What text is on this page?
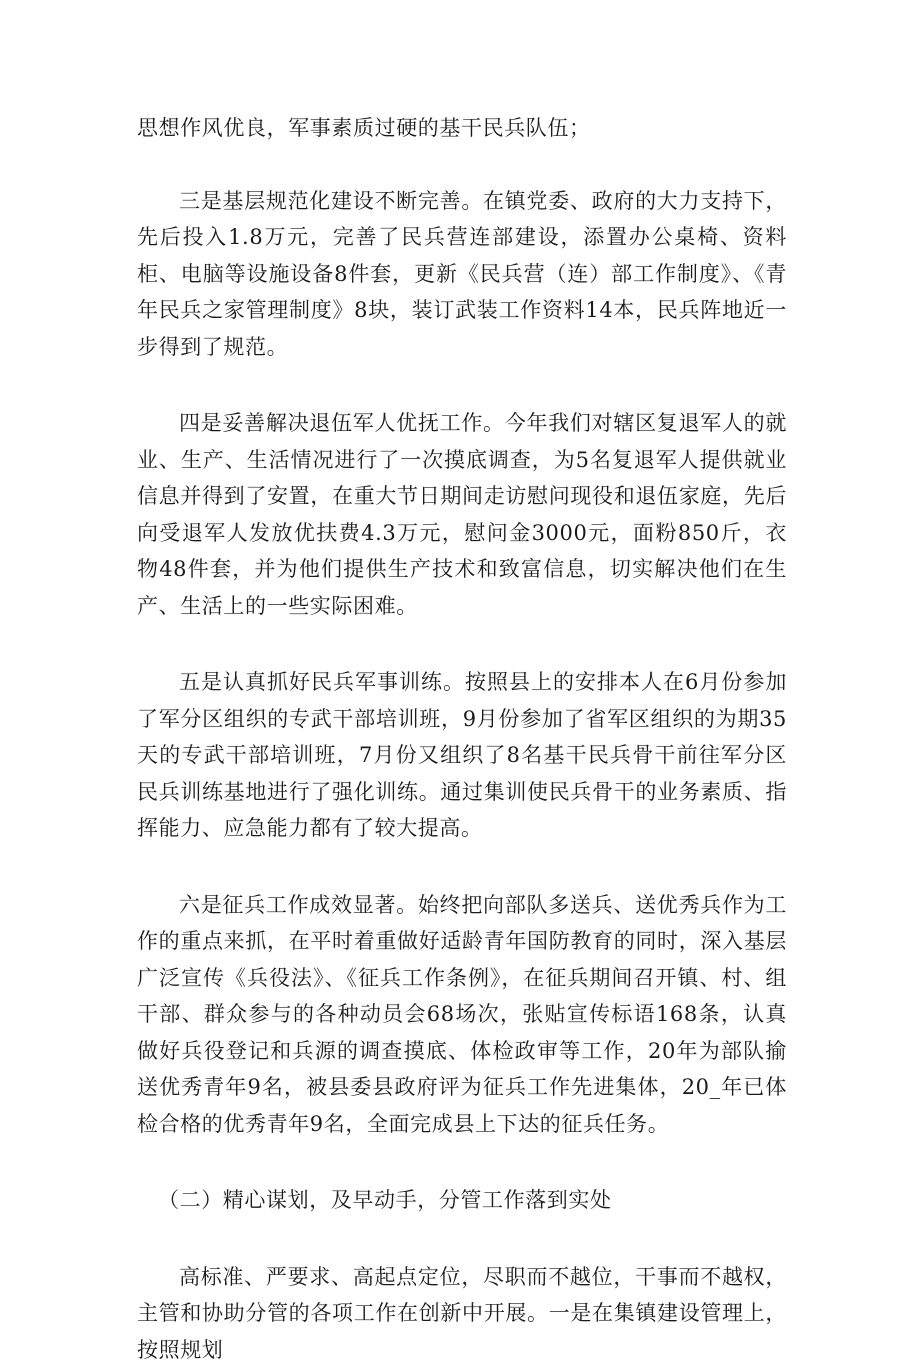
思想作风优良，军事素质过硬的基干民兵队伍；

三是基层规范化建设不断完善。在镇党委、政府的大力支持下，先后投入1.8万元，完善了民兵营连部建设，添置办公桌椅、资料柜、电脑等设施设备8件套，更新《民兵营（连）部工作制度》、《青年民兵之家管理制度》8块，装订武装工作资料14本，民兵阵地近一步得到了规范。

四是妥善解决退伍军人优抚工作。今年我们对辖区复退军人的就业、生产、生活情况进行了一次摸底调查，为5名复退军人提供就业信息并得到了安置，在重大节日期间走访慰问现役和退伍家庭，先后向受退军人发放优扶费4.3万元，慰问金3000元，面粉850斤，衣物48件套，并为他们提供生产技术和致富信息，切实解决他们在生产、生活上的一些实际困难。

五是认真抓好民兵军事训练。按照县上的安排本人在6月份参加了军分区组织的专武干部培训班，9月份参加了省军区组织的为期35天的专武干部培训班，7月份又组织了8名基干民兵骨干前往军分区民兵训练基地进行了强化训练。通过集训使民兵骨干的业务素质、指挥能力、应急能力都有了较大提高。

六是征兵工作成效显著。始终把向部队多送兵、送优秀兵作为工作的重点来抓，在平时着重做好适龄青年国防教育的同时，深入基层广泛宣传《兵役法》、《征兵工作条例》，在征兵期间召开镇、村、组干部、群众参与的各种动员会68场次，张贴宣传标语168条，认真做好兵役登记和兵源的调查摸底、体检政审等工作，20年为部队揄送优秀青年9名，被县委县政府评为征兵工作先进集体，20_年已体检合格的优秀青年9名，全面完成县上下达的征兵任务。

（二）精心谋划，及早动手，分管工作落到实处

高标准、严要求、高起点定位，尽职而不越位，干事而不越权，主管和协助分管的各项工作在创新中开展。一是在集镇建设管理上，按照规划
